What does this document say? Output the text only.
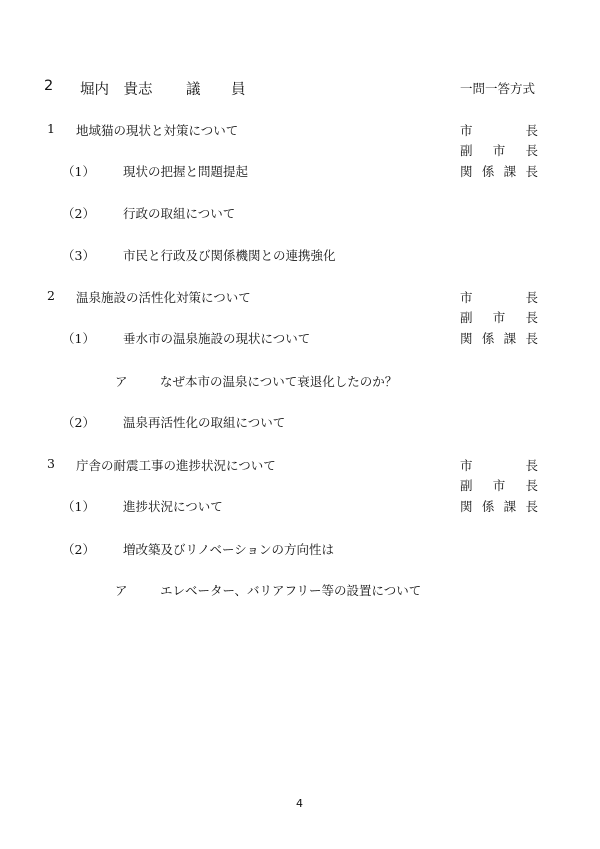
2 堀内　貴志 議　員	一問一答方式
1 地域猫の現状と対策について	市	長
副 市 長
関 係 課 長
（1） 現状の把握と問題提起
（2） 行政の取組について
（3） 市民と行政及び関係機関との連携強化
2 温泉施設の活性化対策について	市	長
副 市 長
関 係 課 長
（1） 垂水市の温泉施設の現状について
ア	なぜ本市の温泉について衰退化したのか？
（2） 温泉再活性化の取組について
3 庁舎の耐震工事の進捗状況について	市	長
副 市 長
関 係 課 長
（1） 進捗状況について
（2） 増改築及びリノベーションの方向性は
ア	エレベーター、バリアフリー等の設置について
4
